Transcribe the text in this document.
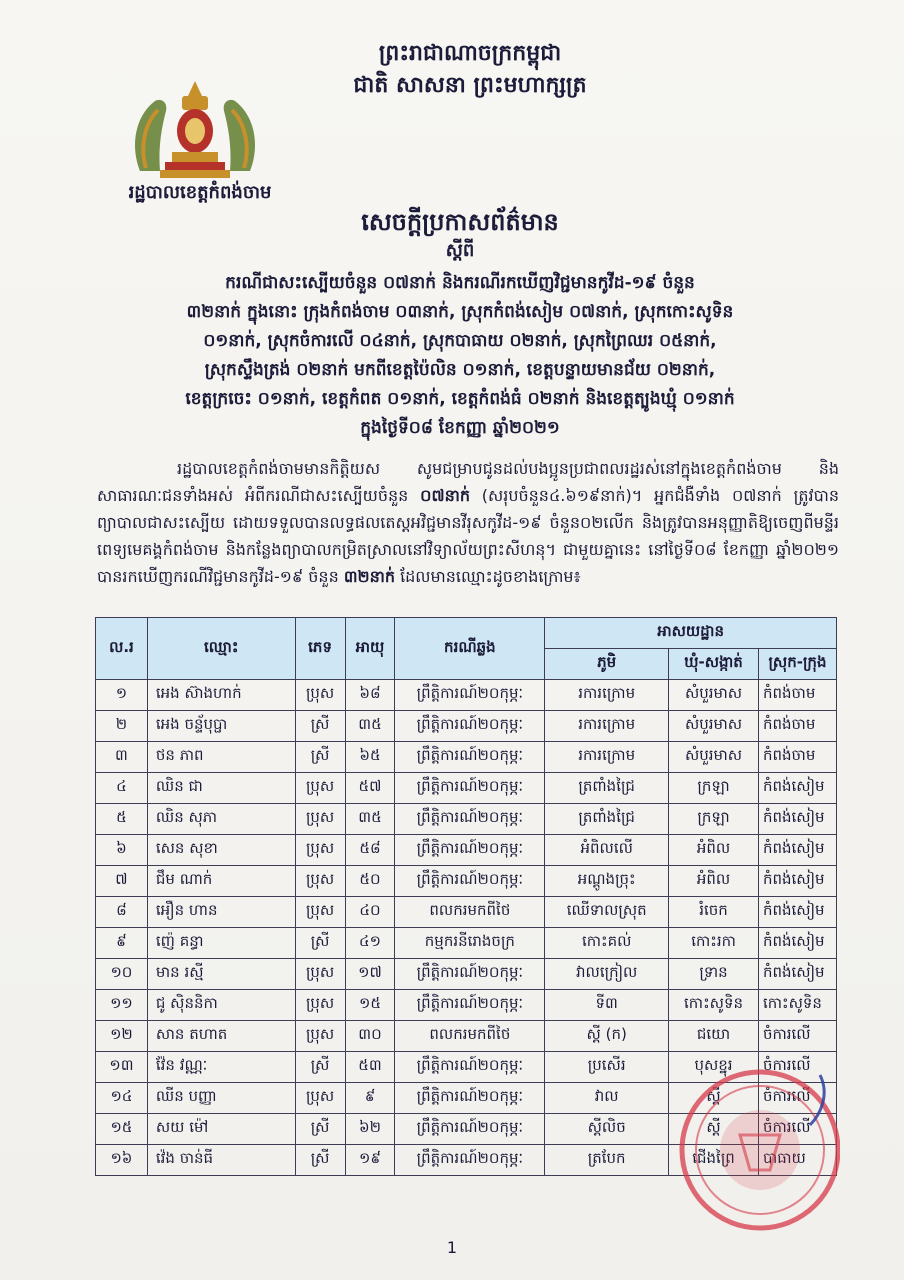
ព្រះរាជាណាចក្រកម្ពុជា
ជាតិ សាសនា ព្រះមហាក្សត្រ
រដ្ឋបាលខេត្តកំពង់ចាម
សេចក្តីប្រកាសព័ត៌មាន
ស្តីពី
ករណីជាសះស្បើយចំនួន ០៧នាក់ និងករណីរកឃើញវិជ្ជមានកូវីដ-១៩ ចំនួន
៣២នាក់ ក្នុងនោះ ក្រុងកំពង់ចាម ០៣នាក់, ស្រុកកំពង់សៀម ០៧នាក់, ស្រុកកោះសូទិន
០១នាក់, ស្រុកចំការលើ ០៤នាក់, ស្រុកបាធាយ ០២នាក់, ស្រុកព្រៃឈរ ០៥នាក់,
ស្រុកស្ទឹងត្រង់ ០២នាក់ មកពីខេត្តប៉ៃលិន ០១នាក់, ខេត្តបន្ទាយមានជ័យ ០២នាក់,
ខេត្តក្រចេះ ០១នាក់, ខេត្តកំពត ០១នាក់, ខេត្តកំពង់ធំ ០២នាក់ និងខេត្តត្បូងឃ្មុំ ០១នាក់
ក្នុងថ្ងៃទី០៨ ខែកញ្ញា ឆ្នាំ២០២១
រដ្ឋបាលខេត្តកំពង់ចាមមានកិត្តិយស សូមជម្រាបជូនដល់បងប្អូនប្រជាពលរដ្ឋរស់នៅក្នុងខេត្តកំពង់ចាម និងសាធារណៈជនទាំងអស់ អំពីករណីជាសះស្បើយចំនួន ០៧នាក់ (សរុបចំនួន៤.៦១៩នាក់)។ អ្នកជំងឺទាំង ០៧នាក់ ត្រូវបានព្យាបាលជាសះស្បើយ ដោយទទួលបានលទ្ធផលតេស្តអវិជ្ជមានវីរុសកូវីដ-១៩ ចំនួន០២លើក និងត្រូវបានអនុញ្ញាតិឱ្យចេញពីមន្ទីរពេទ្យមេគង្គកំពង់ចាម និងកន្លែងព្យាបាលកម្រិតស្រាលនៅវិទ្យាល័យព្រះសីហនុ។ ជាមួយគ្នានេះ នៅថ្ងៃទី០៨ ខែកញ្ញា ឆ្នាំ២០២១ បានរកឃើញករណីវិជ្ជមានកូវីដ-១៩ ចំនួន ៣២នាក់ ដែលមានឈ្មោះដូចខាងក្រោម៖
ល.រ	ឈ្មោះ	ភេទ	អាយុ	ករណីឆ្លង	អាសយដ្ឋាន		
					ភូមិ	ឃុំ-សង្កាត់	ស្រុក-ក្រុង
១	អេង ស៊ាងហាក់	ប្រុស	៦៨	ព្រឹត្តិការណ៍២០កុម្ភៈ	រការក្រោម	សំបួរមាស	កំពង់ចាម
២	អេង ចន្ទ័បុប្ផា	ស្រី	៣៥	ព្រឹត្តិការណ៍២០កុម្ភៈ	រការក្រោម	សំបួរមាស	កំពង់ចាម
៣	ថន ភាព	ស្រី	៦៥	ព្រឹត្តិការណ៍២០កុម្ភៈ	រការក្រោម	សំបួរមាស	កំពង់ចាម
៤	ឈិន ជា	ប្រុស	៥៧	ព្រឹត្តិការណ៍២០កុម្ភៈ	ត្រពាំងជ្រៃ	ក្រឡា	កំពង់សៀម
៥	ឈិន សុភា	ប្រុស	៣៥	ព្រឹត្តិការណ៍២០កុម្ភៈ	ត្រពាំងជ្រៃ	ក្រឡា	កំពង់សៀម
៦	សេន សុខា	ប្រុស	៥៨	ព្រឹត្តិការណ៍២០កុម្ភៈ	អំពិលលើ	អំពិល	កំពង់សៀម
៧	ជឹម ណាក់	ប្រុស	៥០	ព្រឹត្តិការណ៍២០កុម្ភៈ	អណ្តូងច្រុះ	អំពិល	កំពង់សៀម
៨	អឿន ហាន	ប្រុស	៤០	ពលករមកពីថៃ	ឈើទាលស្រុត	រំចេក	កំពង់សៀម
៩	ញ៉េ គន្ធា	ស្រី	៤១	កម្មករនីរោងចក្រ	កោះគល់	កោះរកា	កំពង់សៀម
១០	មាន រស្មី	ប្រុស	១៧	ព្រឹត្តិការណ៍២០កុម្ភៈ	វាលក្រៀល	ទ្រាន	កំពង់សៀម
១១	ជូ ស៊ិននិកា	ប្រុស	១៥	ព្រឹត្តិការណ៍២០កុម្ភៈ	ទី៣	កោះសូទិន	កោះសូទិន
១២	សាន តហាត	ប្រុស	៣០	ពលករមកពីថៃ	ស្តី (ក)	ជយោ	ចំការលើ
១៣	វ៉ែន វណ្ណៈ	ស្រី	៥៣	ព្រឹត្តិការណ៍២០កុម្ភៈ	ប្រសើរ	បុសខ្នុរ	ចំការលើ
១៤	ឈីន បញ្ញា	ប្រុស	៩	ព្រឹត្តិការណ៍២០កុម្ភៈ	វាល	ស្តី	ចំការលើ
១៥	សយ ម៉ៅ	ស្រី	៦២	ព្រឹត្តិការណ៍២០កុម្ភៈ	ស្តីលិច	ស្តី	ចំការលើ
១៦	វ៉េង ចាន់ធី	ស្រី	១៩	ព្រឹត្តិការណ៍២០កុម្ភៈ	ត្របែក	ជើងព្រៃ	បាធាយ
1
